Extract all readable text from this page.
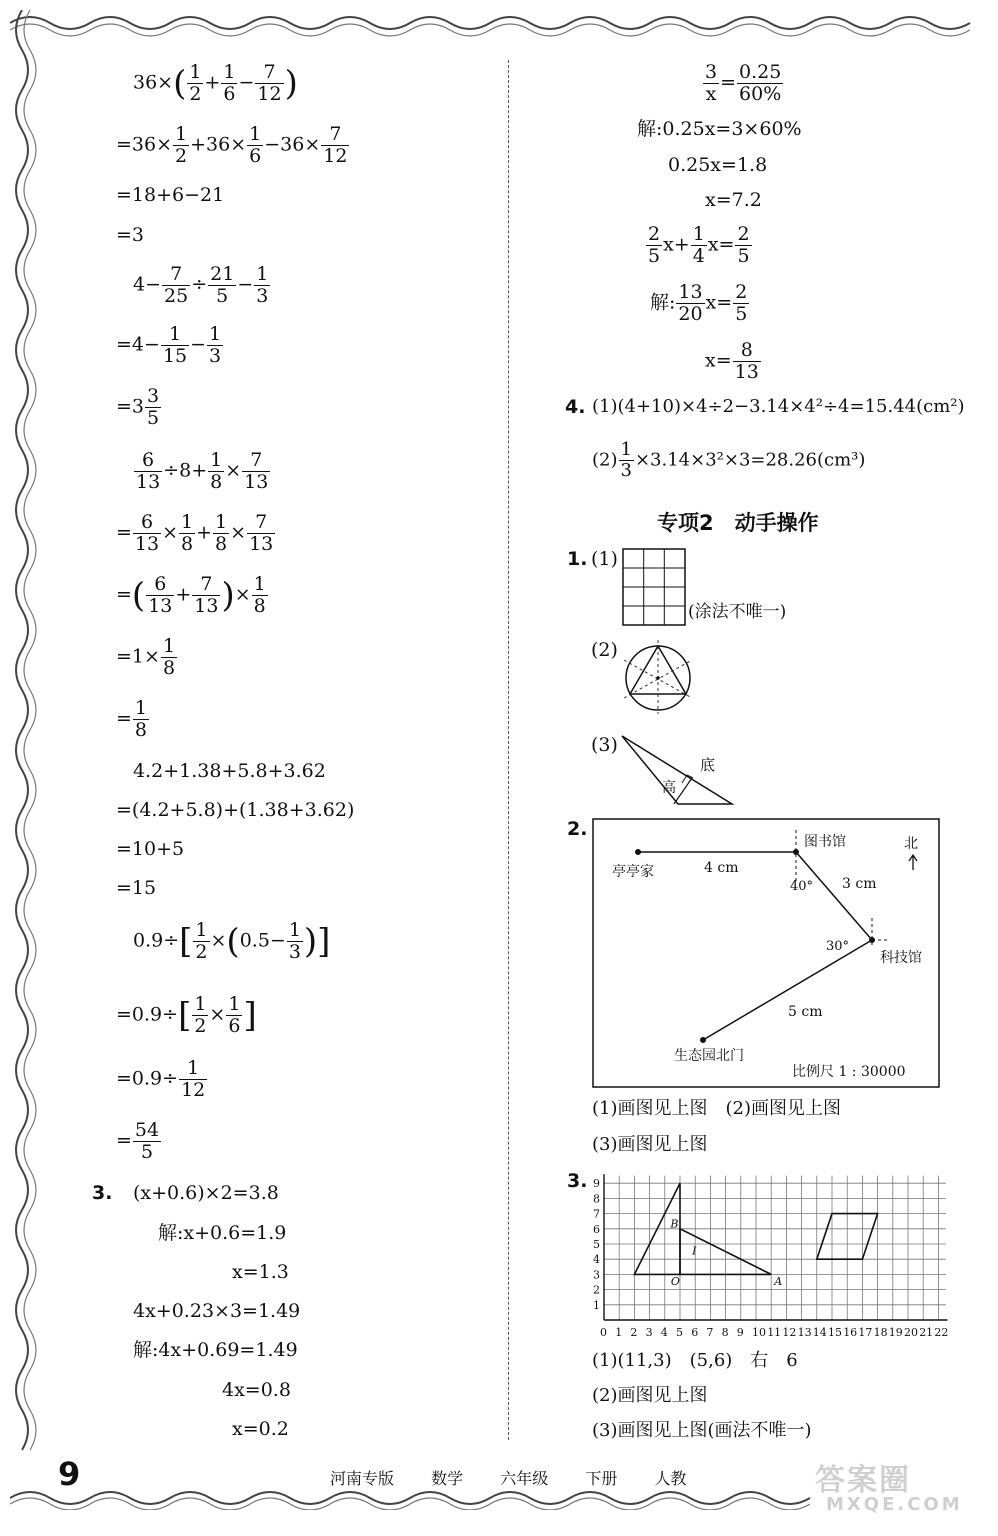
$36\times( \frac{1}{2} + \frac{1}{6} - \frac{7}{12}$ )
$=36\times \frac{1}{2} +36\times \frac{1}{6} -36\times \frac{7}{12}$
=18+6−21
=3
$4- \frac{7}{25} \div \frac{21}{5} - \frac{1}{3}$
$=4- \frac{1}{15} - \frac{1}{3}$
$=3 \frac{3}{5}$
$\frac{6}{13} \div 8+ \frac{1}{8} \times \frac{7}{13}$
= $\frac{6}{13} \times \frac{1}{8} + \frac{1}{8} \times \frac{7}{13}$
=( $\frac{6}{13} + \frac{7}{13}$ )× $\frac{1}{8}$
$=1\times \frac{1}{8}$
= $\frac{1}{8}$
4.2+1.38+5.8+3.62
=(4.2+5.8)+(1.38+3.62)
=10+5
=15
$0.9\div[ \frac{1}{2} \times(0.5- \frac{1}{3}$ )]
$=0.9\div[ \frac{1}{2} \times \frac{1}{6}$ ]
$=0.9\div \frac{1}{12}$
= $\frac{54}{5}$
3. (x+0.6)×2=3.8
解:x+0.6=1.9
x=1.3
4x+0.23×3=1.49
解:4x+0.69=1.49
4x=0.8
x=0.2
$\frac{3}{x} = \frac{0.25}{60\%}$
解:0.25x=3×60%
0.25x=1.8
x=7.2
$\frac{2}{5} x+ \frac{1}{4} x= \frac{2}{5}$
解: $\frac{13}{20} x= \frac{2}{5}$
$x= \frac{8}{13}$
4. (1)(4+10)×4÷2−3.14×4²÷4=15.44(cm²)
$(2) \frac{1}{3} \times 3.14\times 3^2\times 3=28.26(cm^3)$
专项2　动手操作
1. (1)
(涂法不唯一)
(2)
(3)
底
高
2.
亭亭家
图书馆
科技馆
生态园北门
4 cm
3 cm
5 cm
40°
30°
北
比例尺 1 : 30000
(1)画图见上图　(2)画图见上图
(3)画图见上图
3.
0 1 2 3 4 5 6 7 8 9 10 11 12 13 14 15 16 17 18 19 20 21 22
1
2
3
4
5
6
7
8
9
B
O	A
Ⅰ
(1)(11,3)　(5,6)　右　6
(2)画图见上图
(3)画图见上图(画法不唯一)
9	河南专版 数学 六年级 下册 人教	答案圈
MXQE.COM
